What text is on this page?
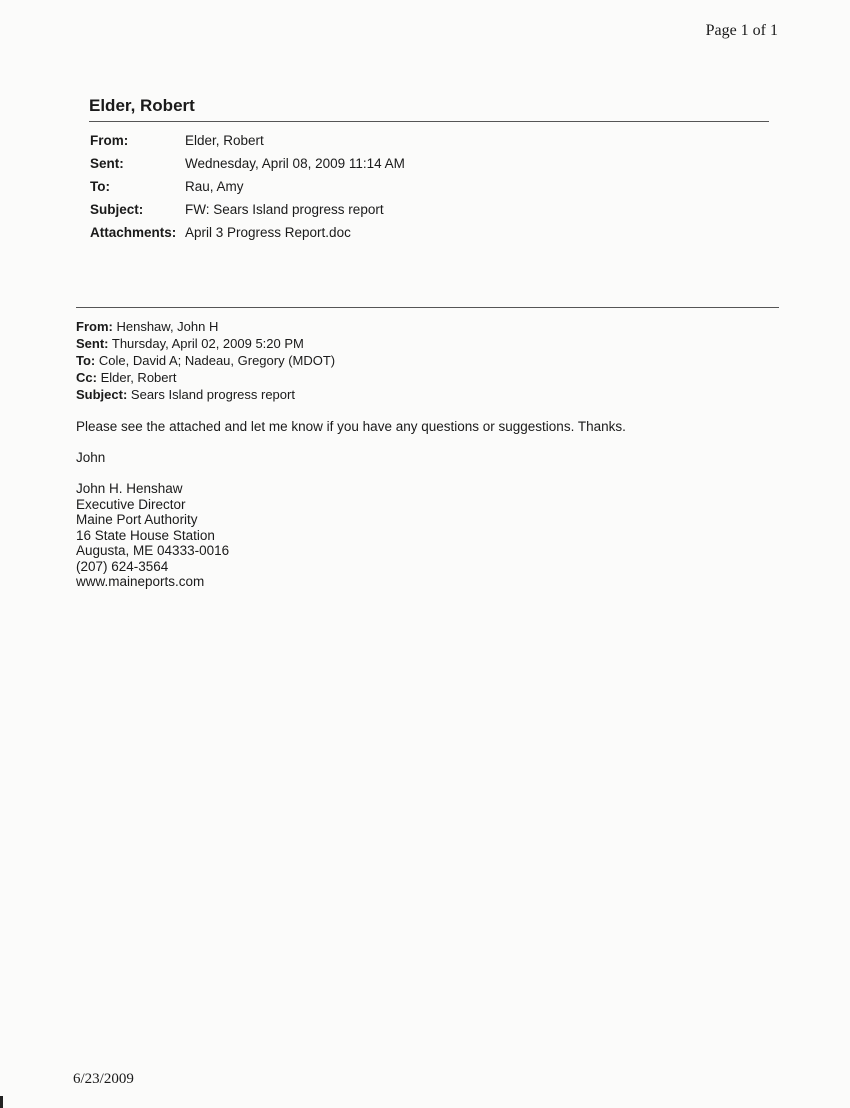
Page 1 of 1
Elder, Robert
From:	Elder, Robert
Sent:	Wednesday, April 08, 2009 11:14 AM
To:	Rau, Amy
Subject:	FW: Sears Island progress report
Attachments:	April 3 Progress Report.doc
From: Henshaw, John H
Sent: Thursday, April 02, 2009 5:20 PM
To: Cole, David A; Nadeau, Gregory (MDOT)
Cc: Elder, Robert
Subject: Sears Island progress report
Please see the attached and let me know if you have any questions or suggestions. Thanks.
John
John H. Henshaw
Executive Director
Maine Port Authority
16 State House Station
Augusta, ME 04333-0016
(207) 624-3564
www.maineports.com
6/23/2009
